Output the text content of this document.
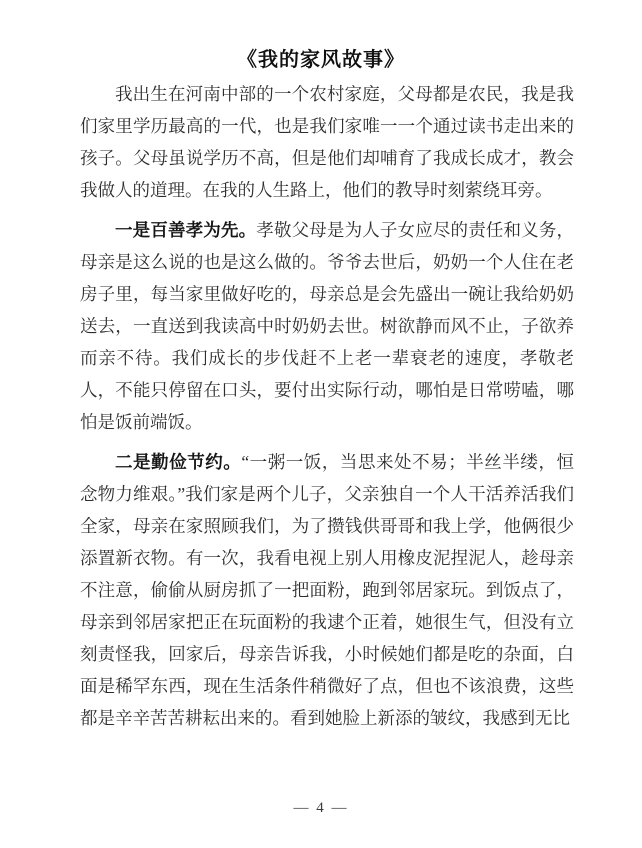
《我的家风故事》

我出生在河南中部的一个农村家庭，父母都是农民，我是我们家里学历最高的一代，也是我们家唯一一个通过读书走出来的孩子。父母虽说学历不高，但是他们却哺育了我成长成才，教会我做人的道理。在我的人生路上，他们的教导时刻萦绕耳旁。

一是百善孝为先。孝敬父母是为人子女应尽的责任和义务，母亲是这么说的也是这么做的。爷爷去世后，奶奶一个人住在老房子里，每当家里做好吃的，母亲总是会先盛出一碗让我给奶奶送去，一直送到我读高中时奶奶去世。树欲静而风不止，子欲养而亲不待。我们成长的步伐赶不上老一辈衰老的速度，孝敬老人，不能只停留在口头，要付出实际行动，哪怕是日常唠嗑，哪怕是饭前端饭。

二是勤俭节约。“一粥一饭，当思来处不易；半丝半缕，恒念物力维艰。”我们家是两个儿子，父亲独自一个人干活养活我们全家，母亲在家照顾我们，为了攒钱供哥哥和我上学，他俩很少添置新衣物。有一次，我看电视上别人用橡皮泥捏泥人，趁母亲不注意，偷偷从厨房抓了一把面粉，跑到邻居家玩。到饭点了，母亲到邻居家把正在玩面粉的我逮个正着，她很生气，但没有立刻责怪我，回家后，母亲告诉我，小时候她们都是吃的杂面，白面是稀罕东西，现在生活条件稍微好了点，但也不该浪费，这些都是辛辛苦苦耕耘出来的。看到她脸上新添的皱纹，我感到无比

— 4 —
